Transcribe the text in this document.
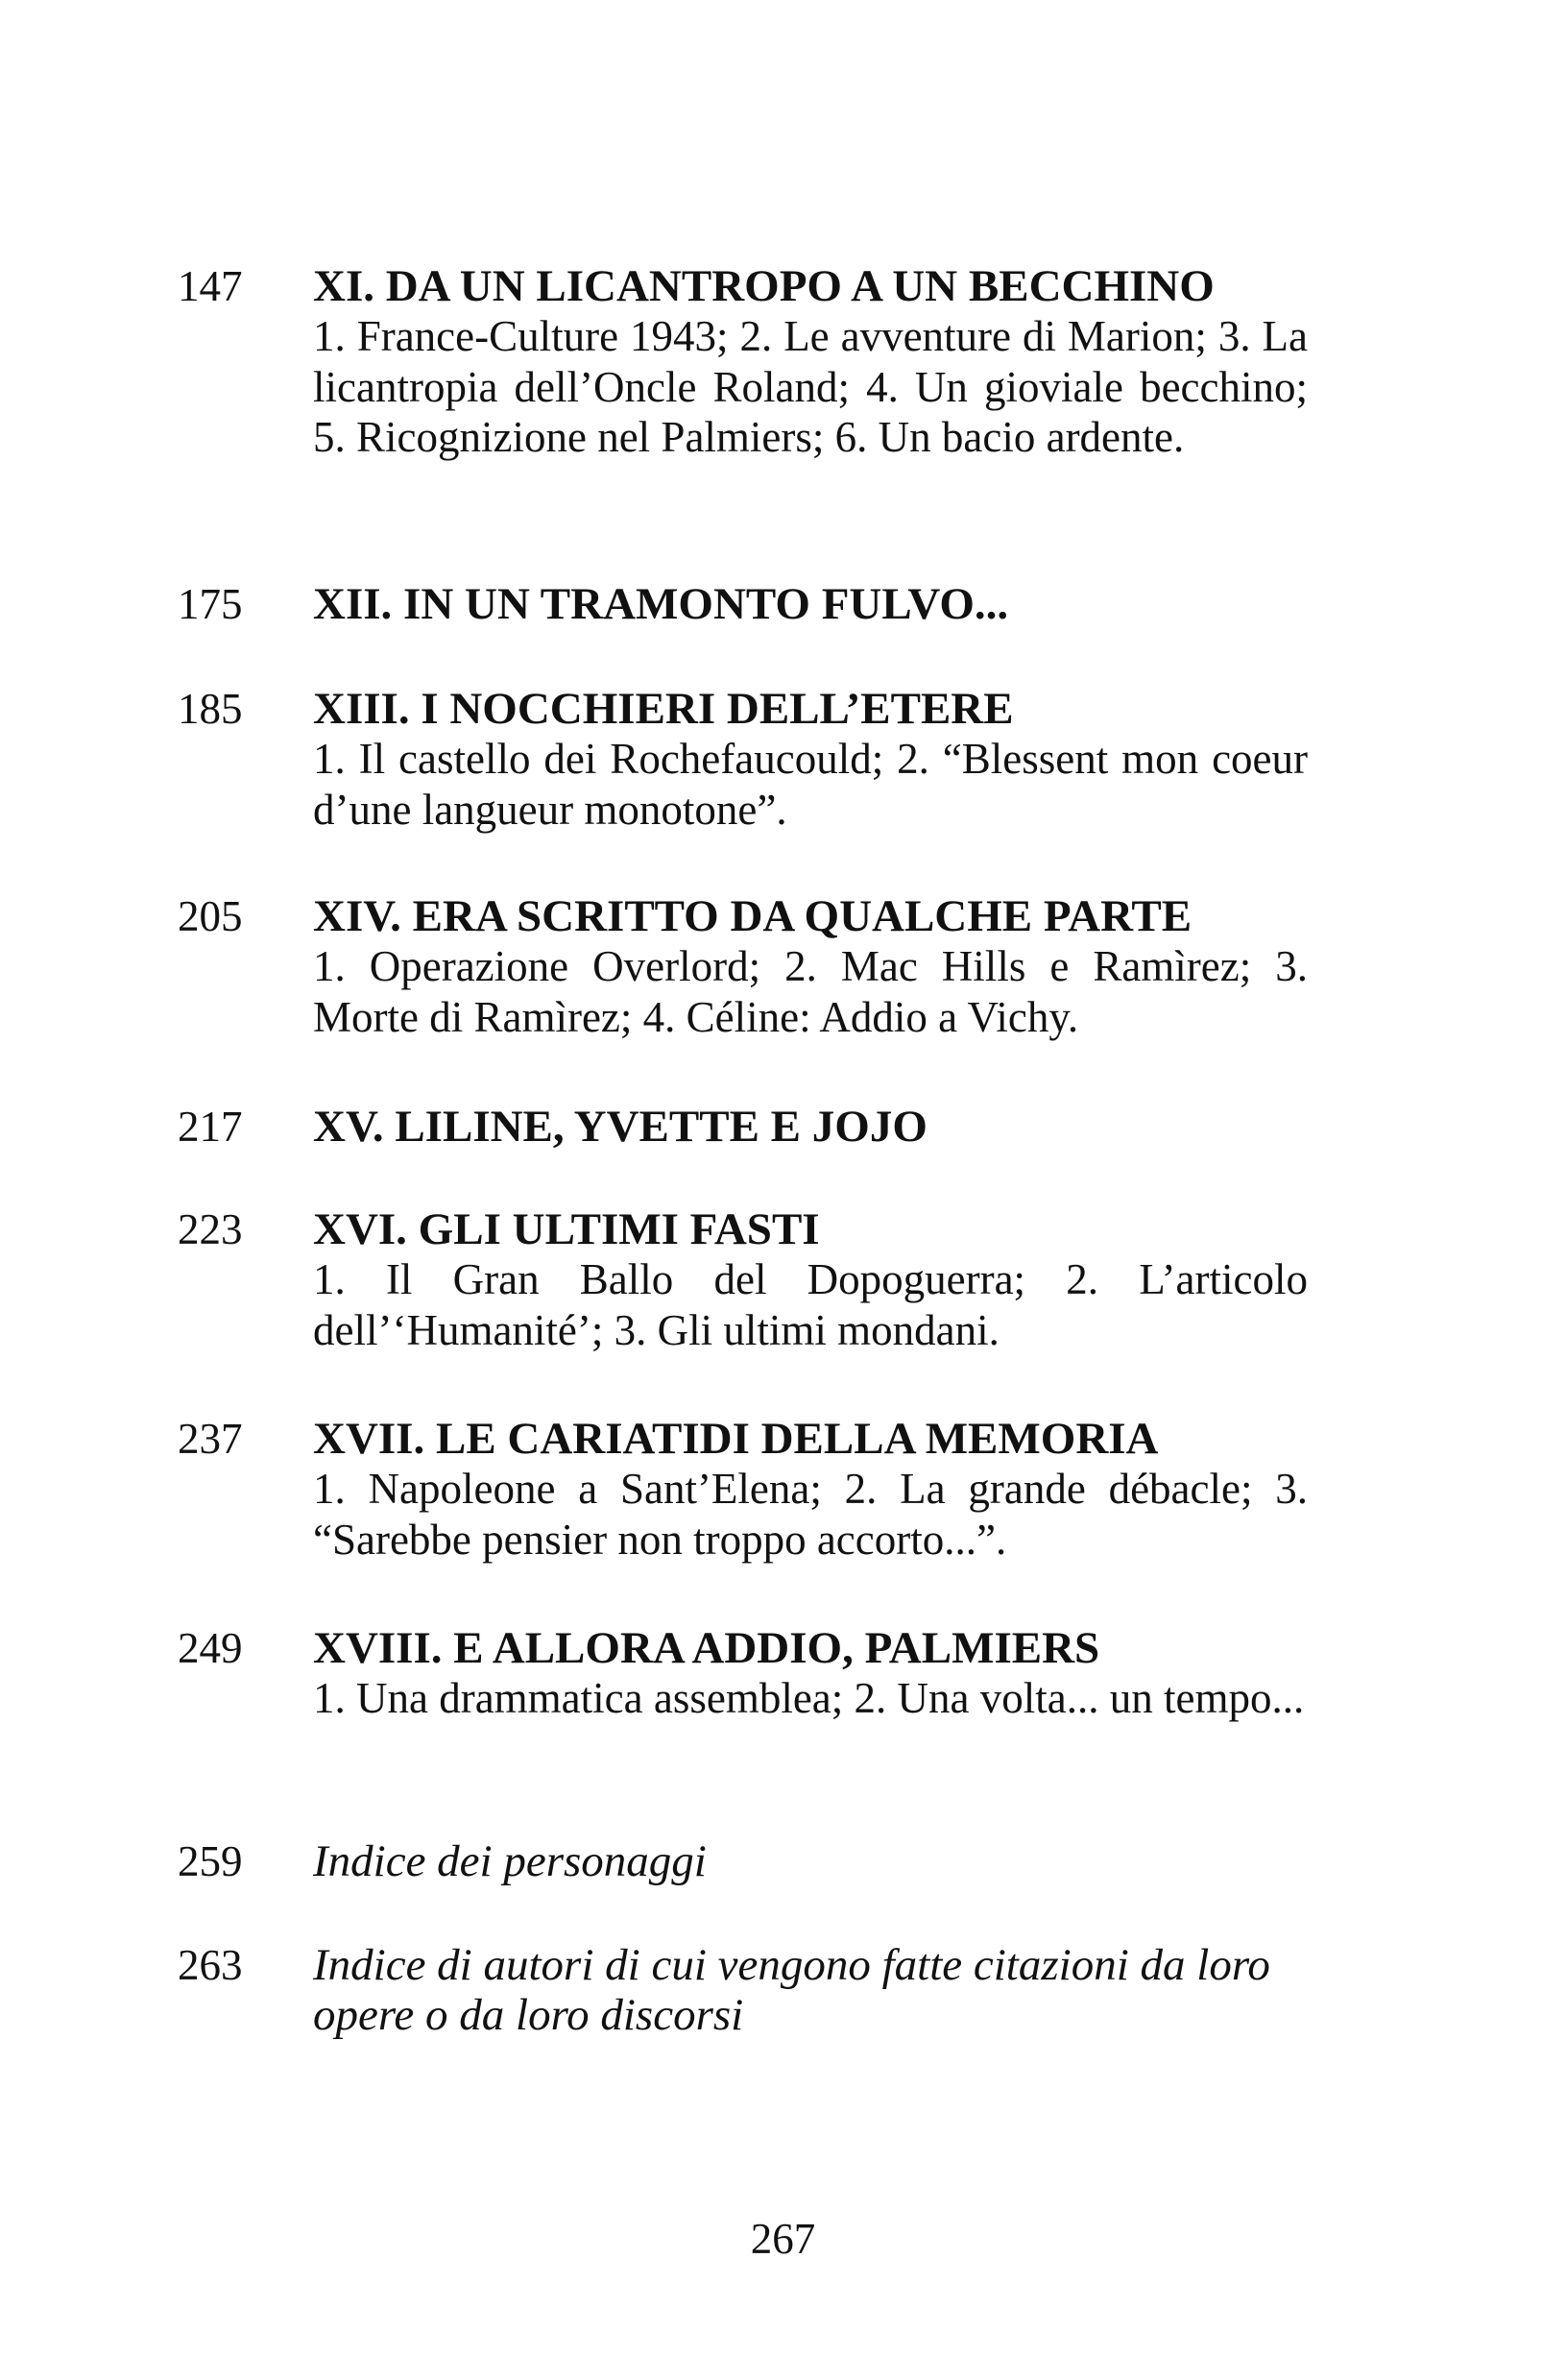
147 XI. DA UN LICANTROPO A UN BECCHINO
1. France-Culture 1943; 2. Le avventure di Marion; 3. La licantropia dell’Oncle Roland; 4. Un gioviale becchino; 5. Ricognizione nel Palmiers; 6. Un bacio ardente.
175 XII. IN UN TRAMONTO FULVO...
185 XIII. I NOCCHIERI DELL’ETERE
1. Il castello dei Rochefaucould; 2. “Blessent mon coeur d’une langueur monotone”.
205 XIV. ERA SCRITTO DA QUALCHE PARTE
1. Operazione Overlord; 2. Mac Hills e Ramìrez; 3. Morte di Ramìrez; 4. Céline: Addio a Vichy.
217 XV. LILINE, YVETTE E JOJO
223 XVI. GLI ULTIMI FASTI
1. Il Gran Ballo del Dopoguerra; 2. L’articolo dell’‘Humanité’; 3. Gli ultimi mondani.
237 XVII. LE CARIATIDI DELLA MEMORIA
1. Napoleone a Sant’Elena; 2. La grande débacle; 3. “Sarebbe pensier non troppo accorto...”.
249 XVIII. E ALLORA ADDIO, PALMIERS
1. Una drammatica assemblea; 2. Una volta... un tempo...
259 Indice dei personaggi
263 Indice di autori di cui vengono fatte citazioni da loro opere o da loro discorsi
267
